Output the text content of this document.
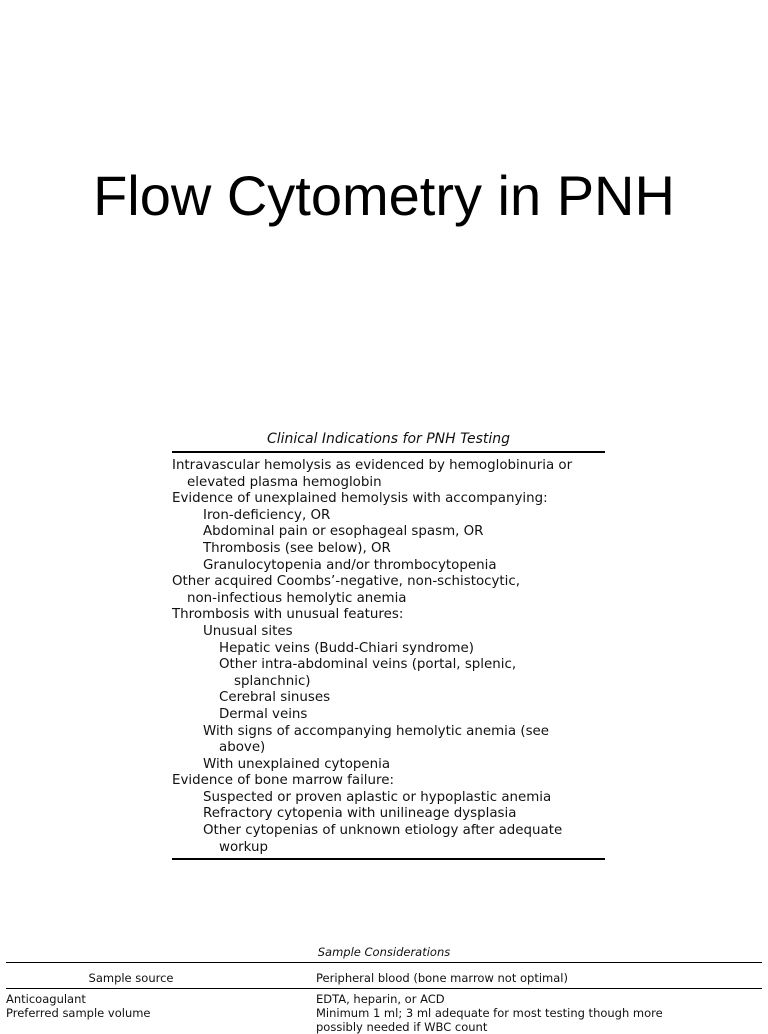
Flow Cytometry in PNH
Clinical Indications for PNH Testing
Intravascular hemolysis as evidenced by hemoglobinuria or
elevated plasma hemoglobin
Evidence of unexplained hemolysis with accompanying:
Iron-deficiency, OR
Abdominal pain or esophageal spasm, OR
Thrombosis (see below), OR
Granulocytopenia and/or thrombocytopenia
Other acquired Coombs’-negative, non-schistocytic,
non-infectious hemolytic anemia
Thrombosis with unusual features:
Unusual sites
Hepatic veins (Budd-Chiari syndrome)
Other intra-abdominal veins (portal, splenic,
splanchnic)
Cerebral sinuses
Dermal veins
With signs of accompanying hemolytic anemia (see
above)
With unexplained cytopenia
Evidence of bone marrow failure:
Suspected or proven aplastic or hypoplastic anemia
Refractory cytopenia with unilineage dysplasia
Other cytopenias of unknown etiology after adequate
workup
Sample Considerations
Sample source	Peripheral blood (bone marrow not optimal)
Anticoagulant	EDTA, heparin, or ACD
Preferred sample volume	Minimum 1 ml; 3 ml adequate for most testing though more
possibly needed if WBC count
